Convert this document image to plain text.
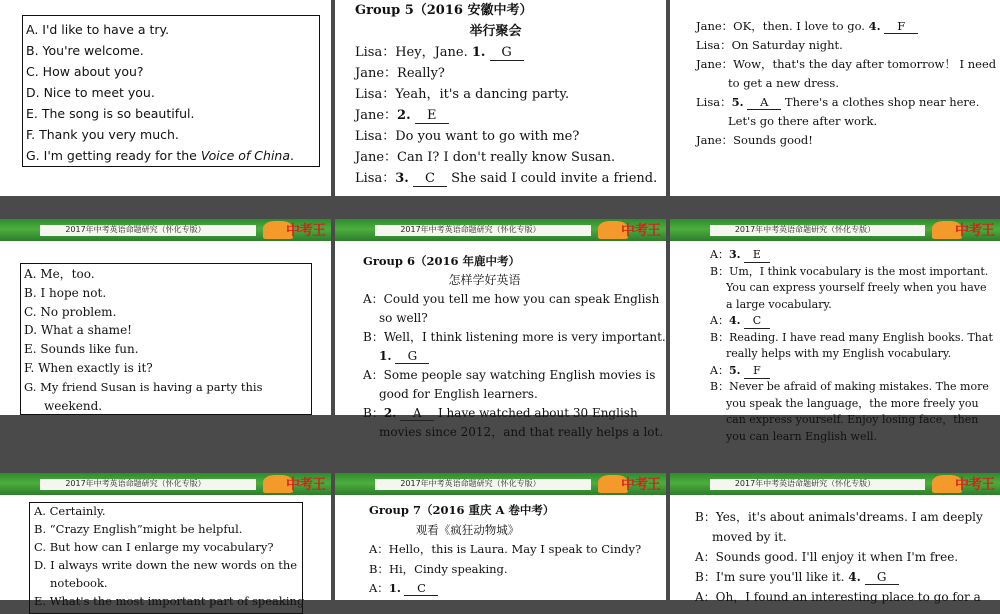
A. I'd like to have a try.
B. You're welcome.
C. How about you?
D. Nice to meet you.
E. The song is so beautiful.
F. Thank you very much.
G. I'm getting ready for the Voice of China.
Group 5（2016 安徽中考）
举行聚会
Lisa：Hey，Jane. 1. G
Jane：Really?
Lisa：Yeah，it's a dancing party.
Jane：2. E
Lisa：Do you want to go with me?
Jane：Can I? I don't really know Susan.
Lisa：3. C She said I could invite a friend.
Jane：OK，then. I love to go. 4. F
Lisa：On Saturday night.
Jane：Wow，that's the day after tomorrow！ I need
to get a new dress.
Lisa：5. A There's a clothes shop near here.
Let's go there after work.
Jane：Sounds good!
2017年中考英语命题研究（怀化专版）	中考王
A. Me，too.
B. I hope not.
C. No problem.
D. What a shame!
E. Sounds like fun.
F. When exactly is it?
G. My friend Susan is having a party this
weekend.
2017年中考英语命题研究（怀化专版）	中考王
Group 6（2016 年鹿中考）
怎样学好英语
A：Could you tell me how you can speak English
so well?
B：Well，I think listening more is very important.
1. G
A：Some people say watching English movies is
good for English learners.
B：2. A I have watched about 30 English
movies since 2012，and that really helps a lot.
2017年中考英语命题研究（怀化专版）	中考王
A：3. E
B：Um，I think vocabulary is the most important.
You can express yourself freely when you have
a large vocabulary.
A：4. C
B：Reading. I have read many English books. That
really helps with my English vocabulary.
A：5. F
B：Never be afraid of making mistakes. The more
you speak the language，the more freely you
can express yourself. Enjoy losing face，then
you can learn English well.
2017年中考英语命题研究（怀化专版）	中考王
A. Certainly.
B. “Crazy English”might be helpful.
C. But how can I enlarge my vocabulary?
D. I always write down the new words on the
notebook.
E. What's the most important part of speaking
2017年中考英语命题研究（怀化专版）	中考王
Group 7（2016 重庆 A 卷中考）
观看《疯狂动物城》
A：Hello，this is Laura. May I speak to Cindy?
B：Hi，Cindy speaking.
A：1. C
2017年中考英语命题研究（怀化专版）	中考王
B：Yes，it's about animals'dreams. I am deeply
moved by it.
A：Sounds good. I'll enjoy it when I'm free.
B：I'm sure you'll like it. 4. G
A：Oh，I found an interesting place to go for a
